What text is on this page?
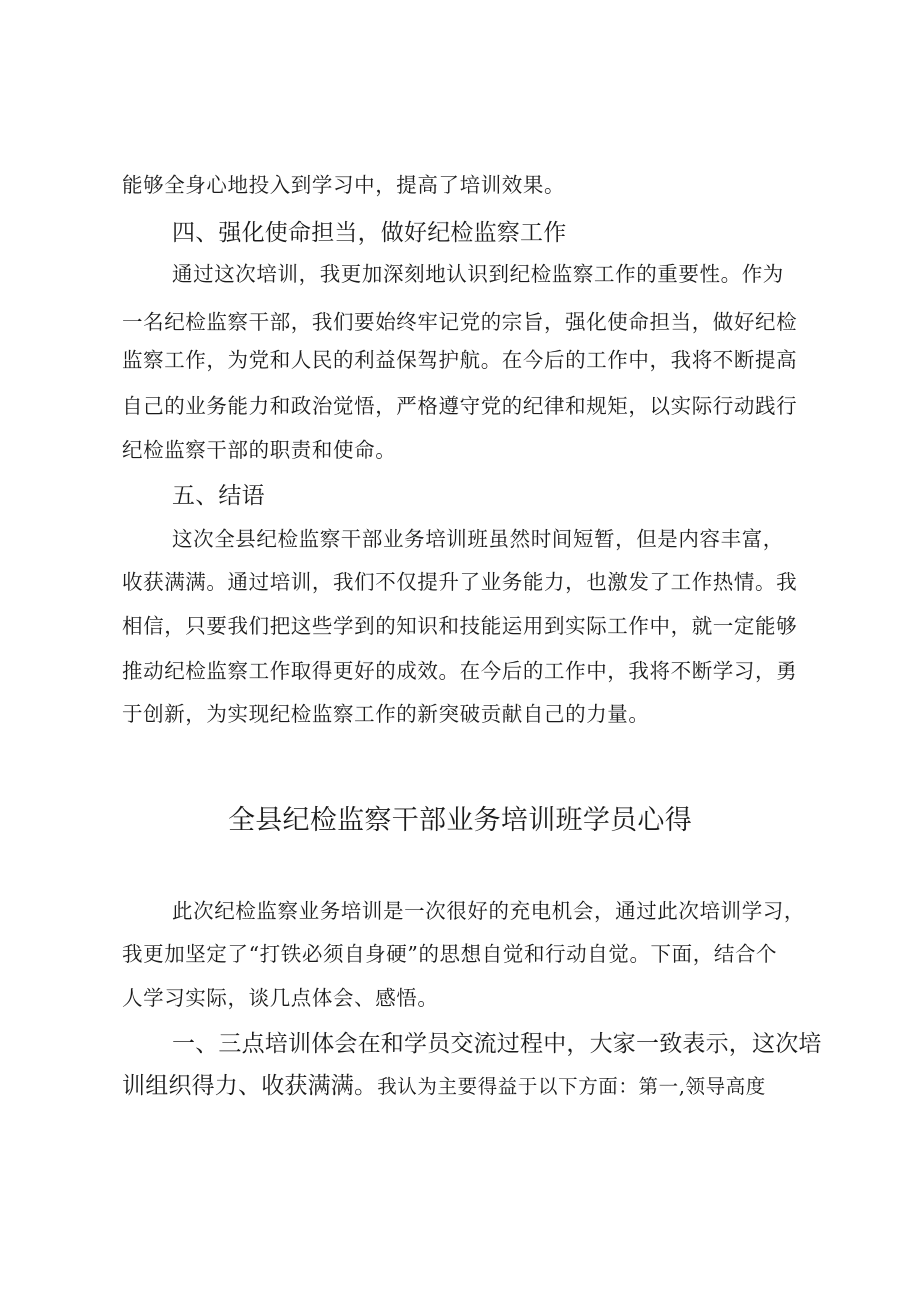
能够全身心地投入到学习中，提高了培训效果。
四、强化使命担当，做好纪检监察工作
通过这次培训，我更加深刻地认识到纪检监察工作的重要性。作为
一名纪检监察干部，我们要始终牢记党的宗旨，强化使命担当，做好纪检
监察工作，为党和人民的利益保驾护航。在今后的工作中，我将不断提高
自己的业务能力和政治觉悟，严格遵守党的纪律和规矩，以实际行动践行
纪检监察干部的职责和使命。
五、结语
这次全县纪检监察干部业务培训班虽然时间短暂，但是内容丰富，
收获满满。通过培训，我们不仅提升了业务能力，也激发了工作热情。我
相信，只要我们把这些学到的知识和技能运用到实际工作中，就一定能够
推动纪检监察工作取得更好的成效。在今后的工作中，我将不断学习，勇
于创新，为实现纪检监察工作的新突破贡献自己的力量。
全县纪检监察干部业务培训班学员心得
此次纪检监察业务培训是一次很好的充电机会，通过此次培训学习，
我更加坚定了“打铁必须自身硬”的思想自觉和行动自觉。下面，结合个
人学习实际，谈几点体会、感悟。
一、三点培训体会在和学员交流过程中，大家一致表示，这次培
训组织得力、收获满满。我认为主要得益于以下方面：第一,领导高度
